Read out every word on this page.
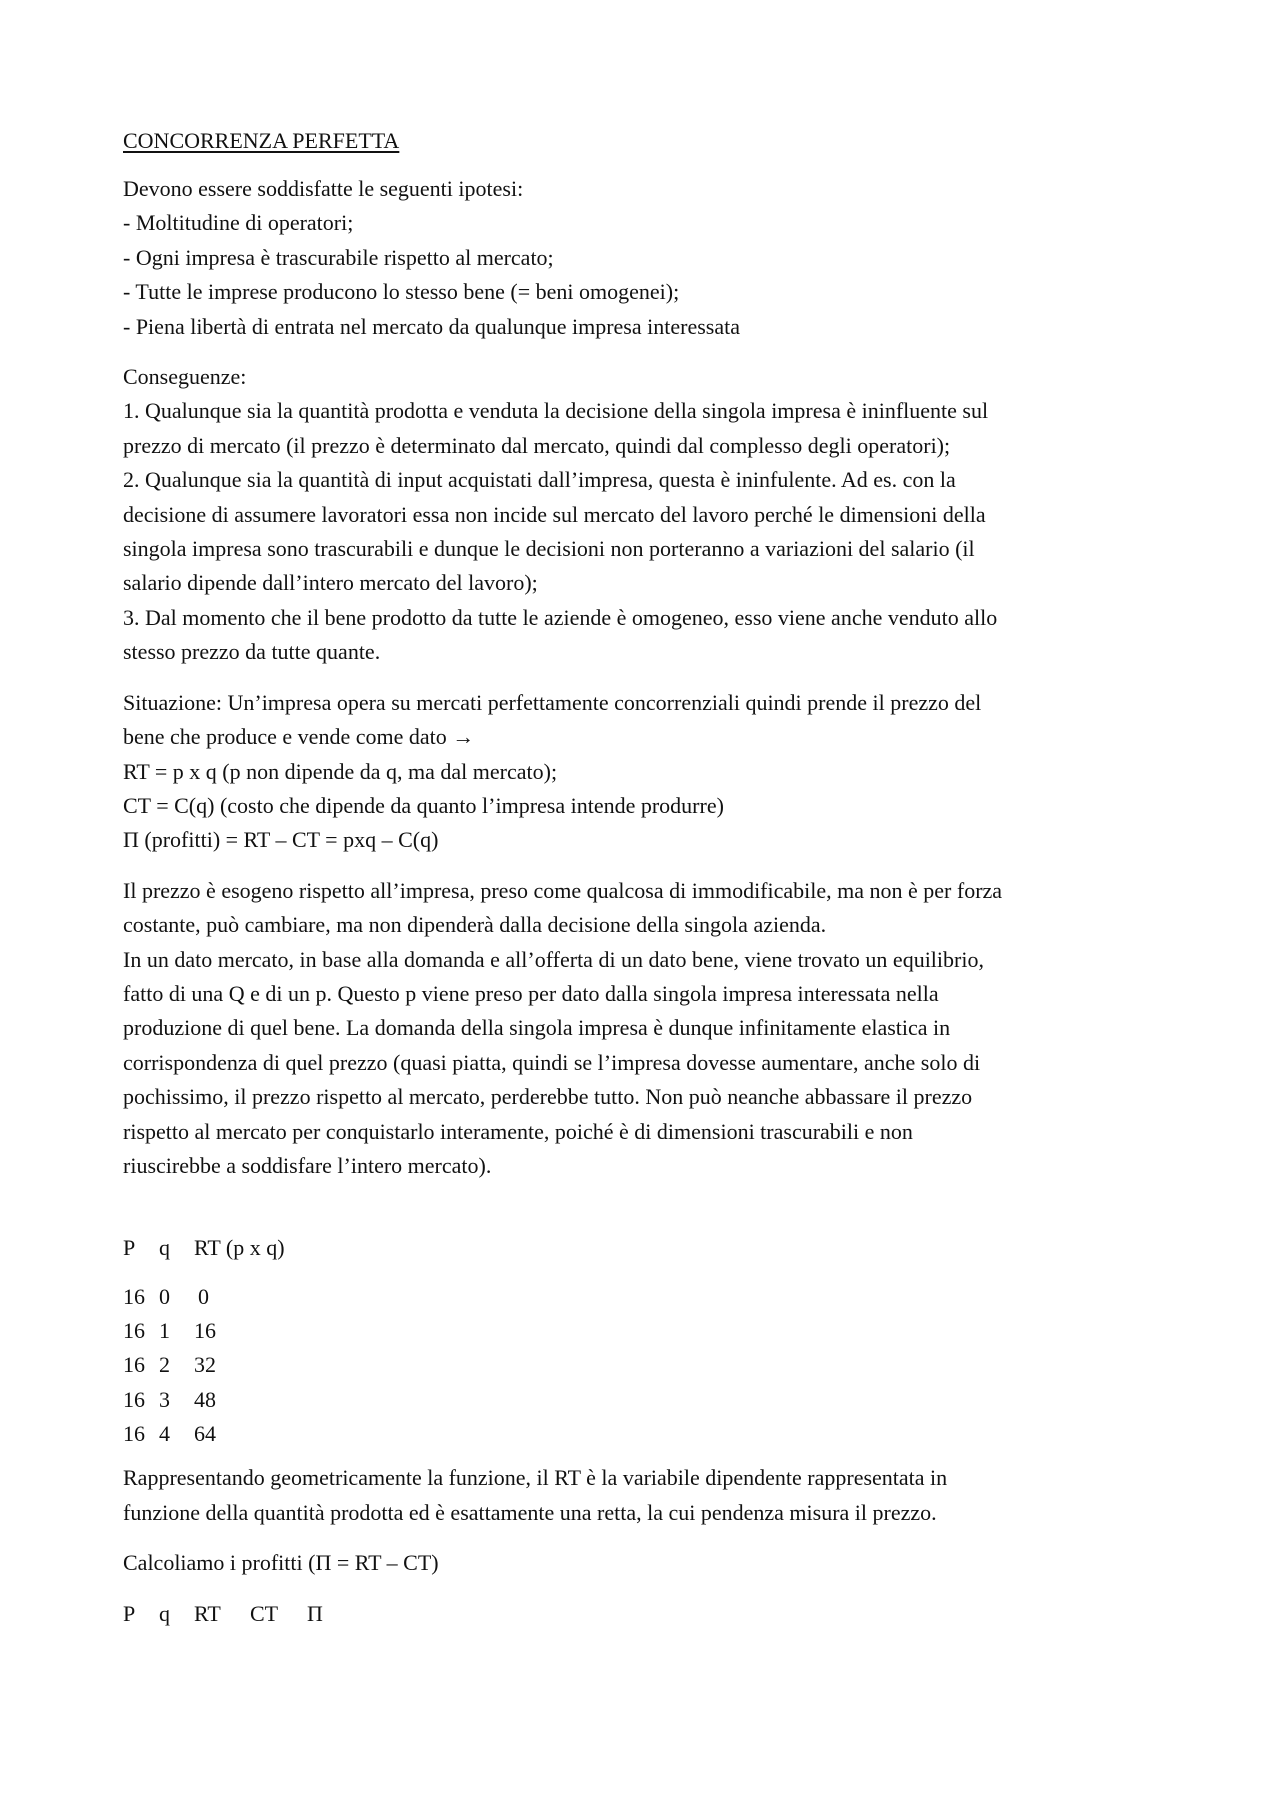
CONCORRENZA PERFETTA
Devono essere soddisfatte le seguenti ipotesi:
- Moltitudine di operatori;
- Ogni impresa è trascurabile rispetto al mercato;
- Tutte le imprese producono lo stesso bene (= beni omogenei);
- Piena libertà di entrata nel mercato da qualunque impresa interessata
Conseguenze:
1. Qualunque sia la quantità prodotta e venduta la decisione della singola impresa è ininfluente sul
prezzo di mercato (il prezzo è determinato dal mercato, quindi dal complesso degli operatori);
2. Qualunque sia la quantità di input acquistati dall’impresa, questa è ininfulente. Ad es. con la
decisione di assumere lavoratori essa non incide sul mercato del lavoro perché le dimensioni della
singola impresa sono trascurabili e dunque le decisioni non porteranno a variazioni del salario (il
salario dipende dall’intero mercato del lavoro);
3. Dal momento che il bene prodotto da tutte le aziende è omogeneo, esso viene anche venduto allo
stesso prezzo da tutte quante.
Situazione: Un’impresa opera su mercati perfettamente concorrenziali quindi prende il prezzo del
bene che produce e vende come dato →
RT = p x q (p non dipende da q, ma dal mercato);
CT = C(q) (costo che dipende da quanto l’impresa intende produrre)
Π (profitti) = RT – CT = pxq – C(q)
Il prezzo è esogeno rispetto all’impresa, preso come qualcosa di immodificabile, ma non è per forza
costante, può cambiare, ma non dipenderà dalla decisione della singola azienda.
In un dato mercato, in base alla domanda e all’offerta di un dato bene, viene trovato un equilibrio,
fatto di una Q e di un p. Questo p viene preso per dato dalla singola impresa interessata nella
produzione di quel bene. La domanda della singola impresa è dunque infinitamente elastica in
corrispondenza di quel prezzo (quasi piatta, quindi se l’impresa dovesse aumentare, anche solo di
pochissimo, il prezzo rispetto al mercato, perderebbe tutto. Non può neanche abbassare il prezzo
rispetto al mercato per conquistarlo interamente, poiché è di dimensioni trascurabili e non
riuscirebbe a soddisfare l’intero mercato).
P	q	RT (p x q)
16	0	0
16	1	16
16	2	32
16	3	48
16	4	64
Rappresentando geometricamente la funzione, il RT è la variabile dipendente rappresentata in
funzione della quantità prodotta ed è esattamente una retta, la cui pendenza misura il prezzo.
Calcoliamo i profitti (Π = RT – CT)
P	q	RT	CT	Π
